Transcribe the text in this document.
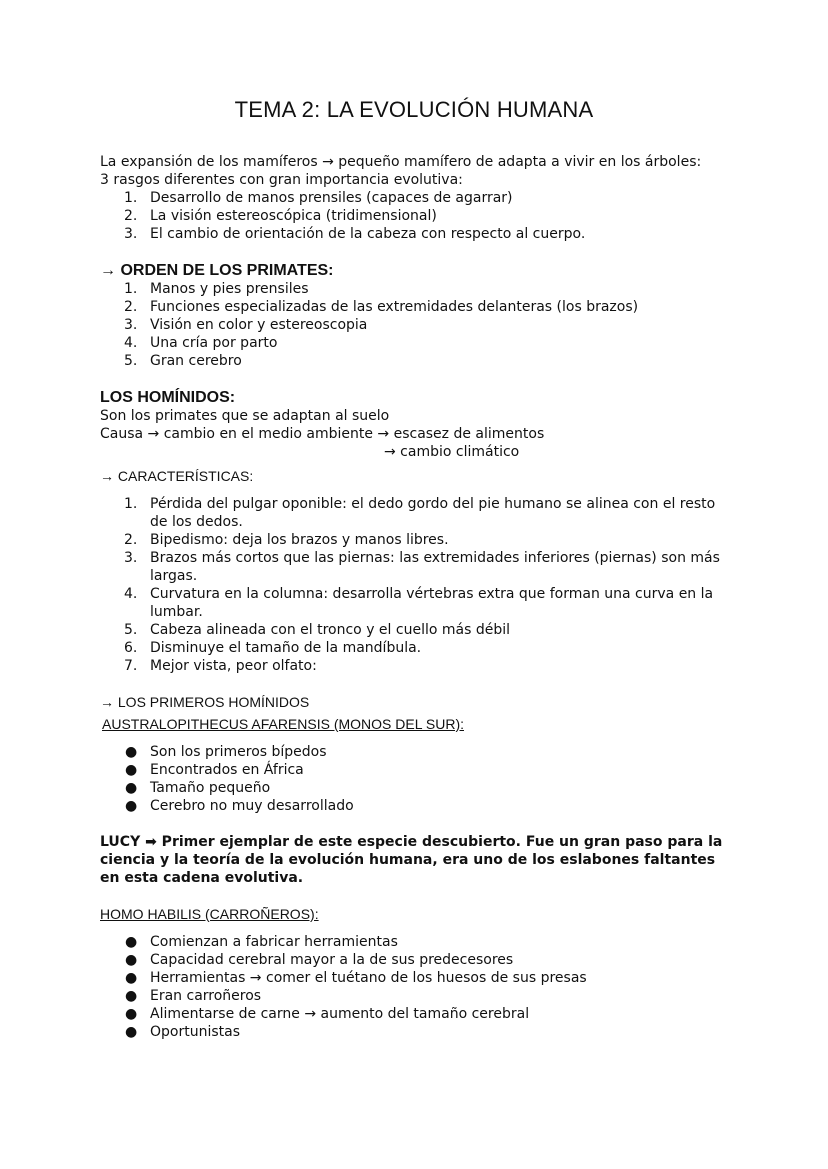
TEMA 2: LA EVOLUCIÓN HUMANA

La expansión de los mamíferos → pequeño mamífero de adapta a vivir en los árboles:

3 rasgos diferentes con gran importancia evolutiva:

1. Desarrollo de manos prensiles (capaces de agarrar)
2. La visión estereoscópica (tridimensional)
3. El cambio de orientación de la cabeza con respecto al cuerpo.
→ ORDEN DE LOS PRIMATES:
1. Manos y pies prensiles
2. Funciones especializadas de las extremidades delanteras (los brazos)
3. Visión en color y estereoscopia
4. Una cría por parto
5. Gran cerebro
LOS HOMÍNIDOS:

Son los primates que se adaptan al suelo

Causa → cambio en el medio ambiente → escasez de alimentos

→ cambio climático

→ CARACTERÍSTICAS:

1. Pérdida del pulgar oponible: el dedo gordo del pie humano se alinea con el resto de los dedos.
2. Bipedismo: deja los brazos y manos libres.
3. Brazos más cortos que las piernas: las extremidades inferiores (piernas) son más largas.
4. Curvatura en la columna: desarrolla vértebras extra que forman una curva en la lumbar.
5. Cabeza alineada con el tronco y el cuello más débil
6. Disminuye el tamaño de la mandíbula.
7. Mejor vista, peor olfato:

→ LOS PRIMEROS HOMÍNIDOS

AUSTRALOPITHECUS AFARENSIS (MONOS DEL SUR):

● Son los primeros bípedos
● Encontrados en África
● Tamaño pequeño
● Cerebro no muy desarrollado

LUCY ➡ Primer ejemplar de este especie descubierto. Fue un gran paso para la ciencia y la teoría de la evolución humana, era uno de los eslabones faltantes en esta cadena evolutiva.

HOMO HABILIS (CARROÑEROS):

● Comienzan a fabricar herramientas
● Capacidad cerebral mayor a la de sus predecesores
● Herramientas → comer el tuétano de los huesos de sus presas
● Eran carroñeros
● Alimentarse de carne → aumento del tamaño cerebral
● Oportunistas
